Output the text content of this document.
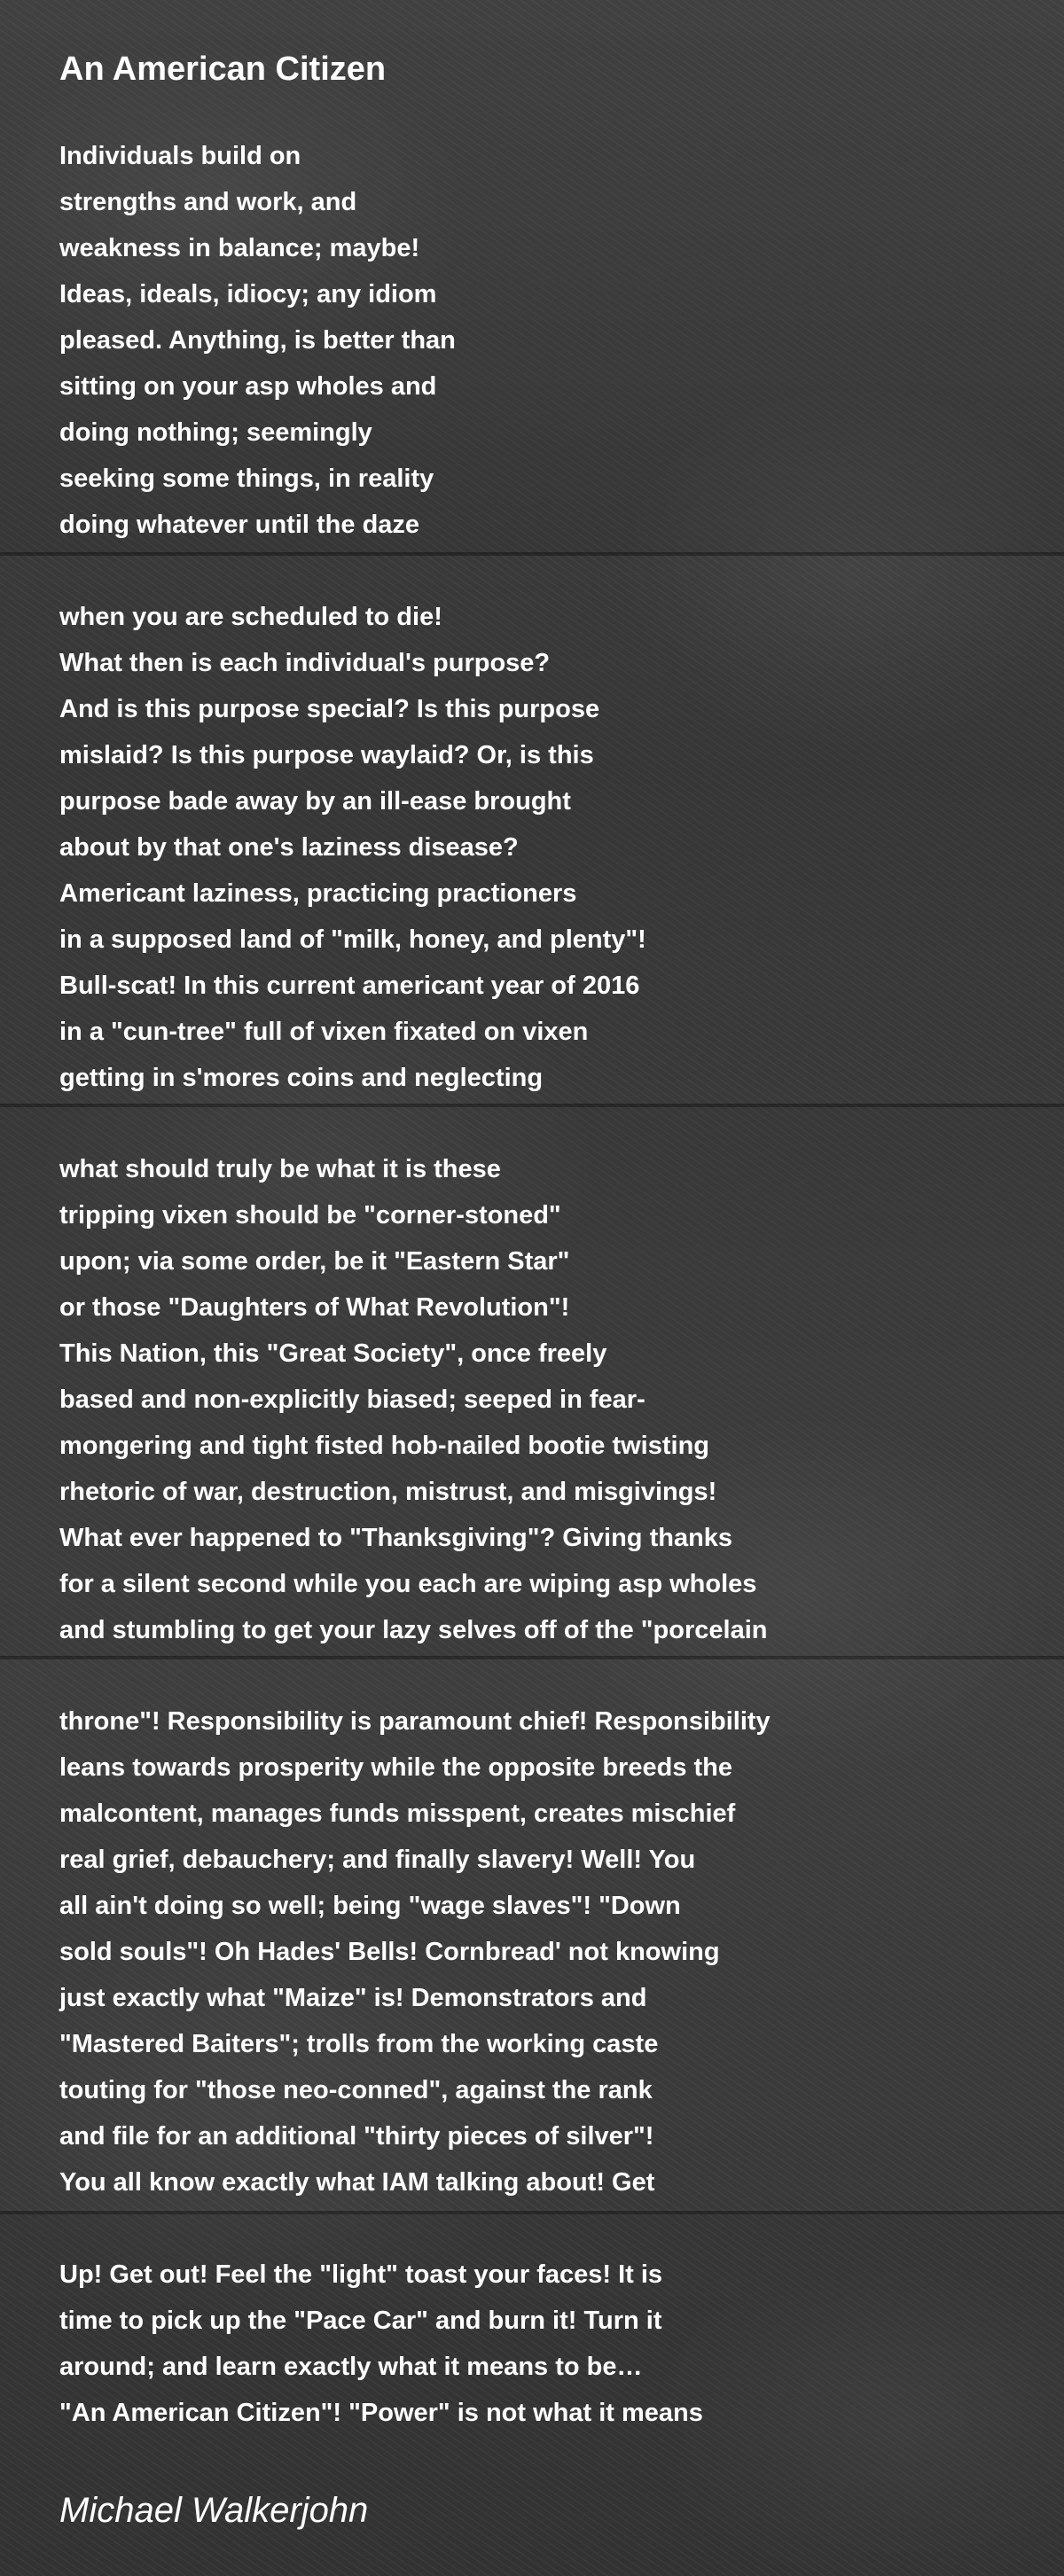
An American Citizen
Individuals build on
strengths and work, and
weakness in balance; maybe!
Ideas, ideals, idiocy; any idiom
pleased. Anything, is better than
sitting on your asp wholes and
doing nothing; seemingly
seeking some things, in reality
doing whatever until the daze
when you are scheduled to die!
What then is each individual's purpose?
And is this purpose special? Is this purpose
mislaid? Is this purpose waylaid? Or, is this
purpose bade away by an ill-ease brought
about by that one's laziness disease?
Americant laziness, practicing practioners
in a supposed land of "milk, honey, and plenty"!
Bull-scat! In this current americant year of 2016
in a "cun-tree" full of vixen fixated on vixen
getting in s'mores coins and neglecting
what should truly be what it is these
tripping vixen should be "corner-stoned"
upon; via some order, be it "Eastern Star"
or those "Daughters of What Revolution"!
This Nation, this "Great Society", once freely
based and non-explicitly biased; seeped in fear-
mongering and tight fisted hob-nailed bootie twisting
rhetoric of war, destruction, mistrust, and misgivings!
What ever happened to "Thanksgiving"? Giving thanks
for a silent second while you each are wiping asp wholes
and stumbling to get your lazy selves off of the "porcelain
throne"! Responsibility is paramount chief! Responsibility
leans towards prosperity while the opposite breeds the
malcontent, manages funds misspent, creates mischief
real grief, debauchery; and finally slavery! Well! You
all ain't doing so well; being "wage slaves"! "Down
sold souls"! Oh Hades' Bells! Cornbread' not knowing
just exactly what "Maize" is! Demonstrators and
"Mastered Baiters"; trolls from the working caste
touting for "those neo-conned", against the rank
and file for an additional "thirty pieces of silver"!
You all know exactly what IAM talking about! Get
Up! Get out! Feel the "light" toast your faces! It is
time to pick up the "Pace Car" and burn it! Turn it
around; and learn exactly what it means to be…
"An American Citizen"! "Power" is not what it means

Michael Walkerjohn
